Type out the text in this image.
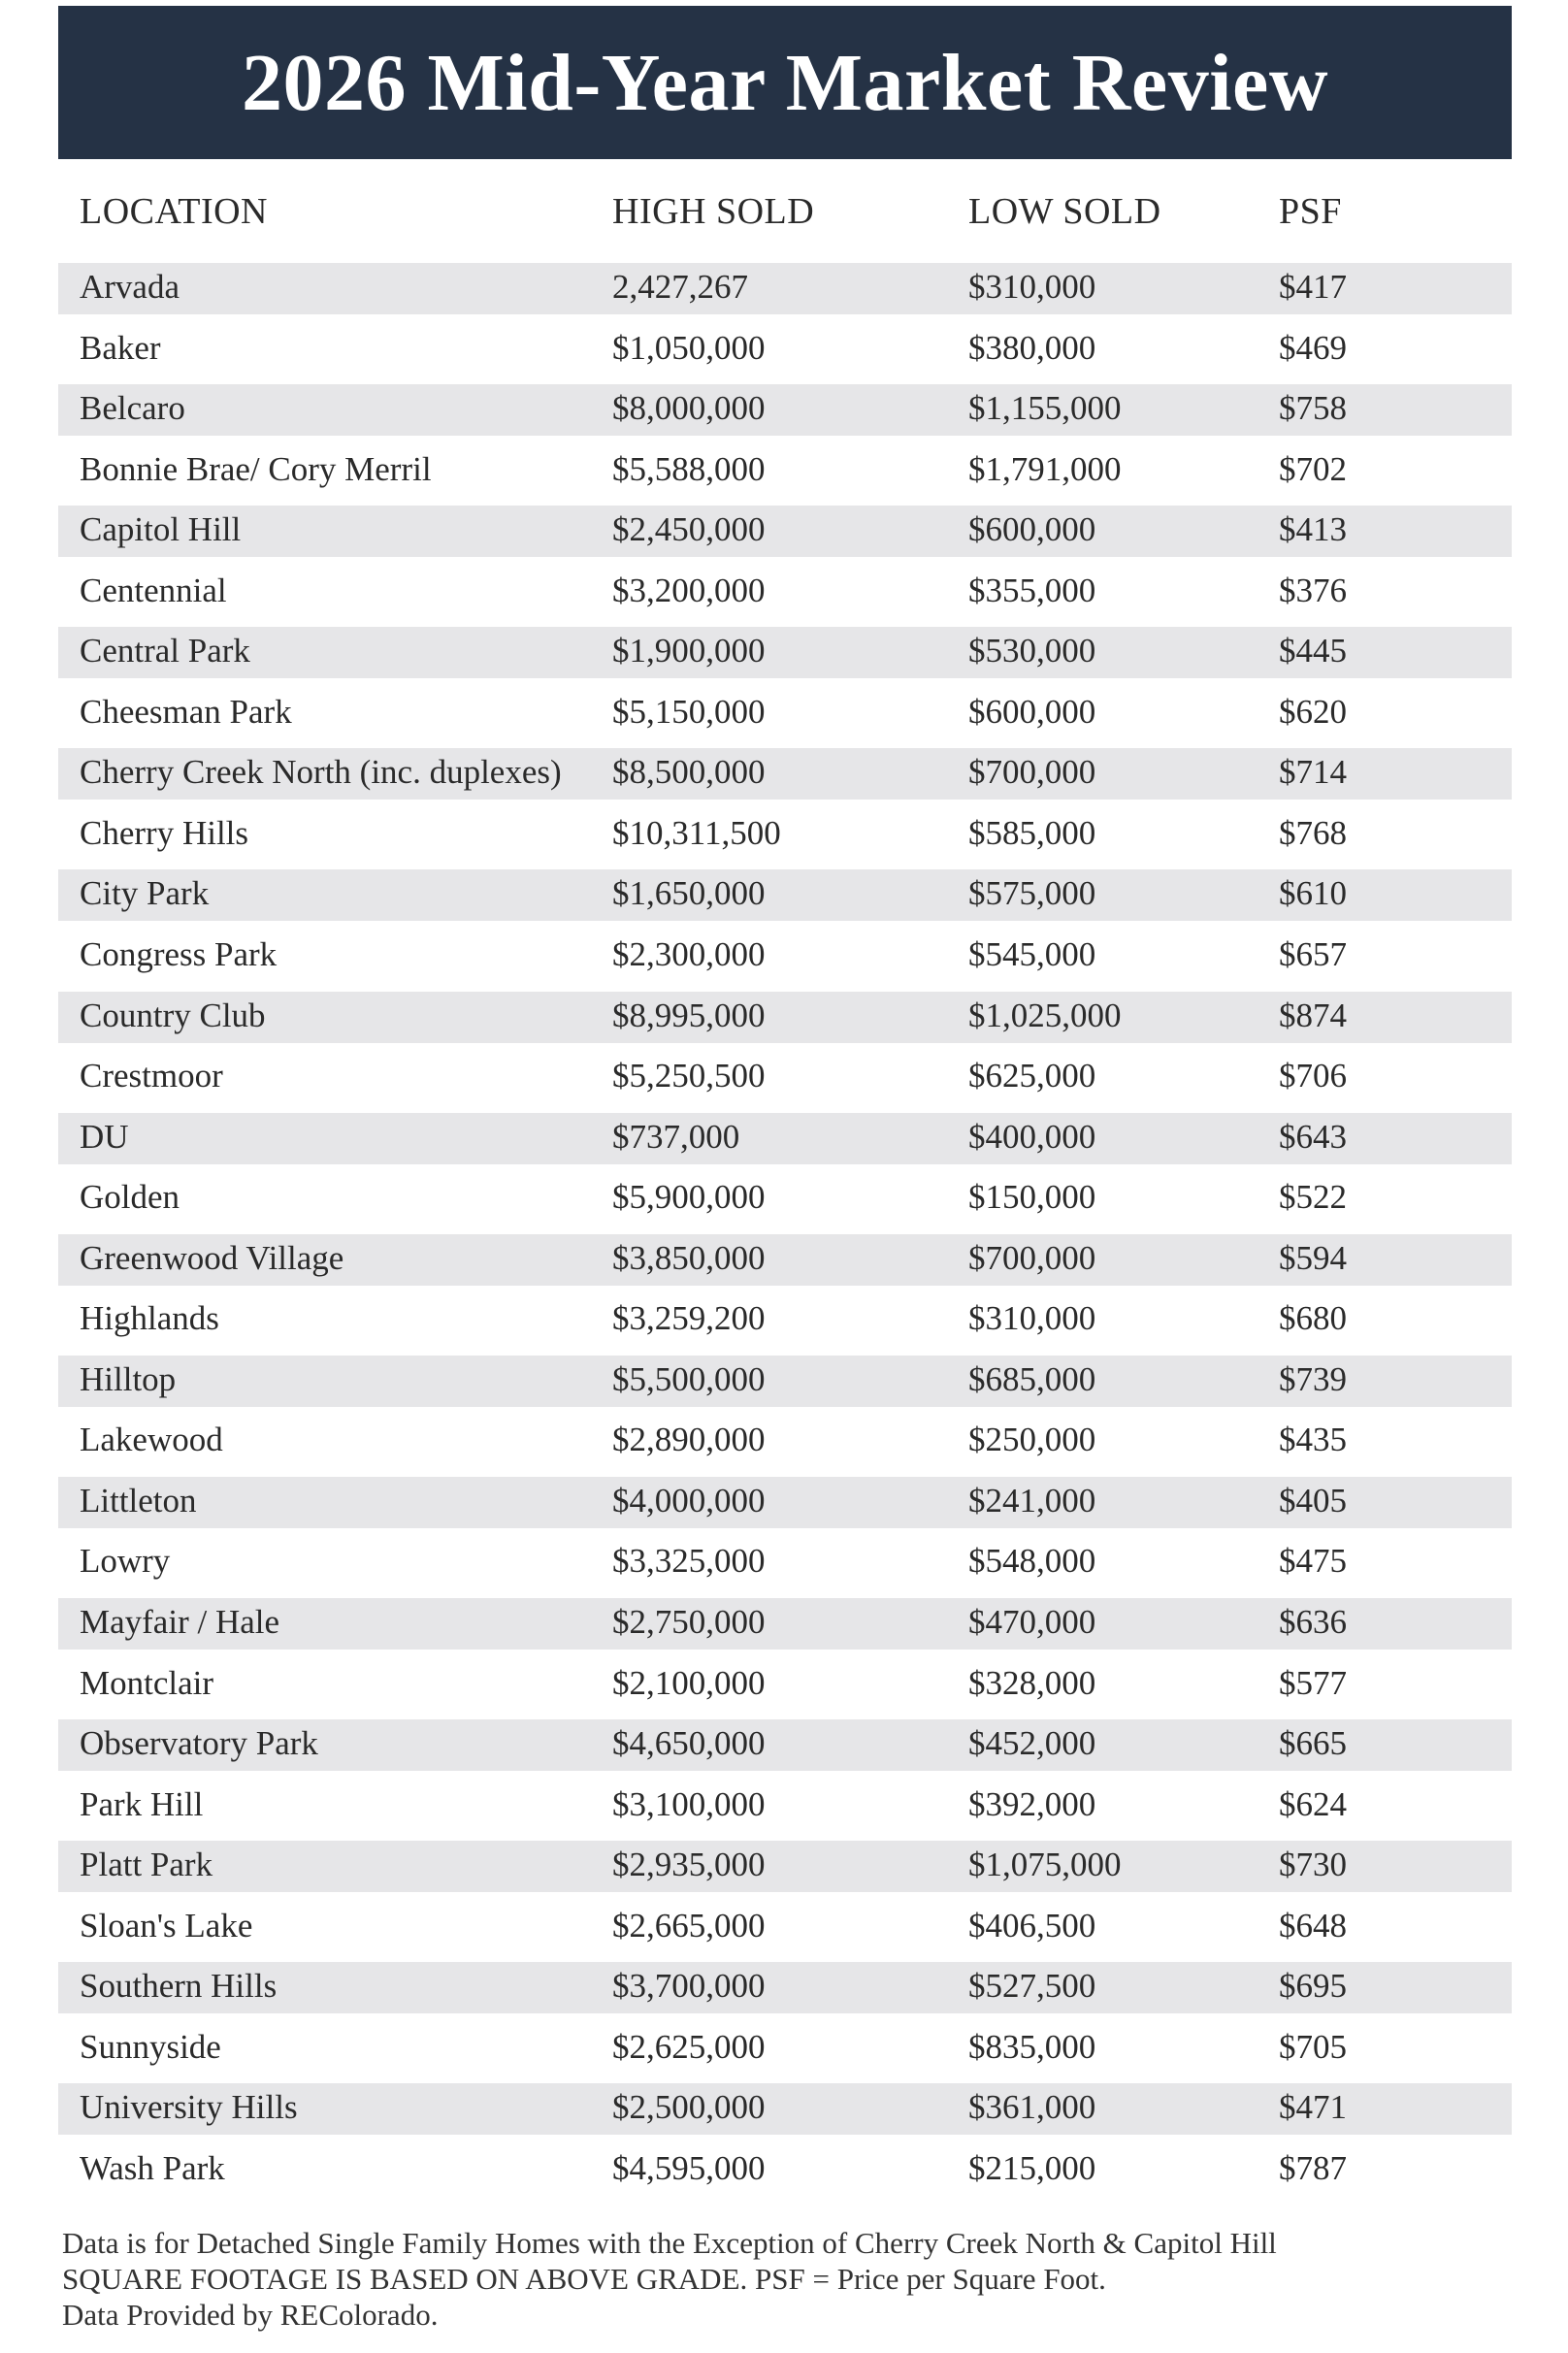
2026 Mid-Year Market Review
LOCATION	HIGH SOLD	LOW SOLD	PSF
Arvada	2,427,267	$310,000	$417
Baker	$1,050,000	$380,000	$469
Belcaro	$8,000,000	$1,155,000	$758
Bonnie Brae/ Cory Merril	$5,588,000	$1,791,000	$702
Capitol Hill	$2,450,000	$600,000	$413
Centennial	$3,200,000	$355,000	$376
Central Park	$1,900,000	$530,000	$445
Cheesman Park	$5,150,000	$600,000	$620
Cherry Creek North (inc. duplexes) $8,500,000	$700,000	$714
Cherry Hills	$10,311,500	$585,000	$768
City Park	$1,650,000	$575,000	$610
Congress Park	$2,300,000	$545,000	$657
Country Club	$8,995,000	$1,025,000	$874
Crestmoor	$5,250,500	$625,000	$706
DU	$737,000	$400,000	$643
Golden	$5,900,000	$150,000	$522
Greenwood Village	$3,850,000	$700,000	$594
Highlands	$3,259,200	$310,000	$680
Hilltop	$5,500,000	$685,000	$739
Lakewood	$2,890,000	$250,000	$435
Littleton	$4,000,000	$241,000	$405
Lowry	$3,325,000	$548,000	$475
Mayfair / Hale	$2,750,000	$470,000	$636
Montclair	$2,100,000	$328,000	$577
Observatory Park	$4,650,000	$452,000	$665
Park Hill	$3,100,000	$392,000	$624
Platt Park	$2,935,000	$1,075,000	$730
Sloan's Lake	$2,665,000	$406,500	$648
Southern Hills	$3,700,000	$527,500	$695
Sunnyside	$2,625,000	$835,000	$705
University Hills	$2,500,000	$361,000	$471
Wash Park	$4,595,000	$215,000	$787
Data is for Detached Single Family Homes with the Exception of Cherry Creek North & Capitol Hill
SQUARE FOOTAGE IS BASED ON ABOVE GRADE. PSF = Price per Square Foot.
Data Provided by REColorado.
